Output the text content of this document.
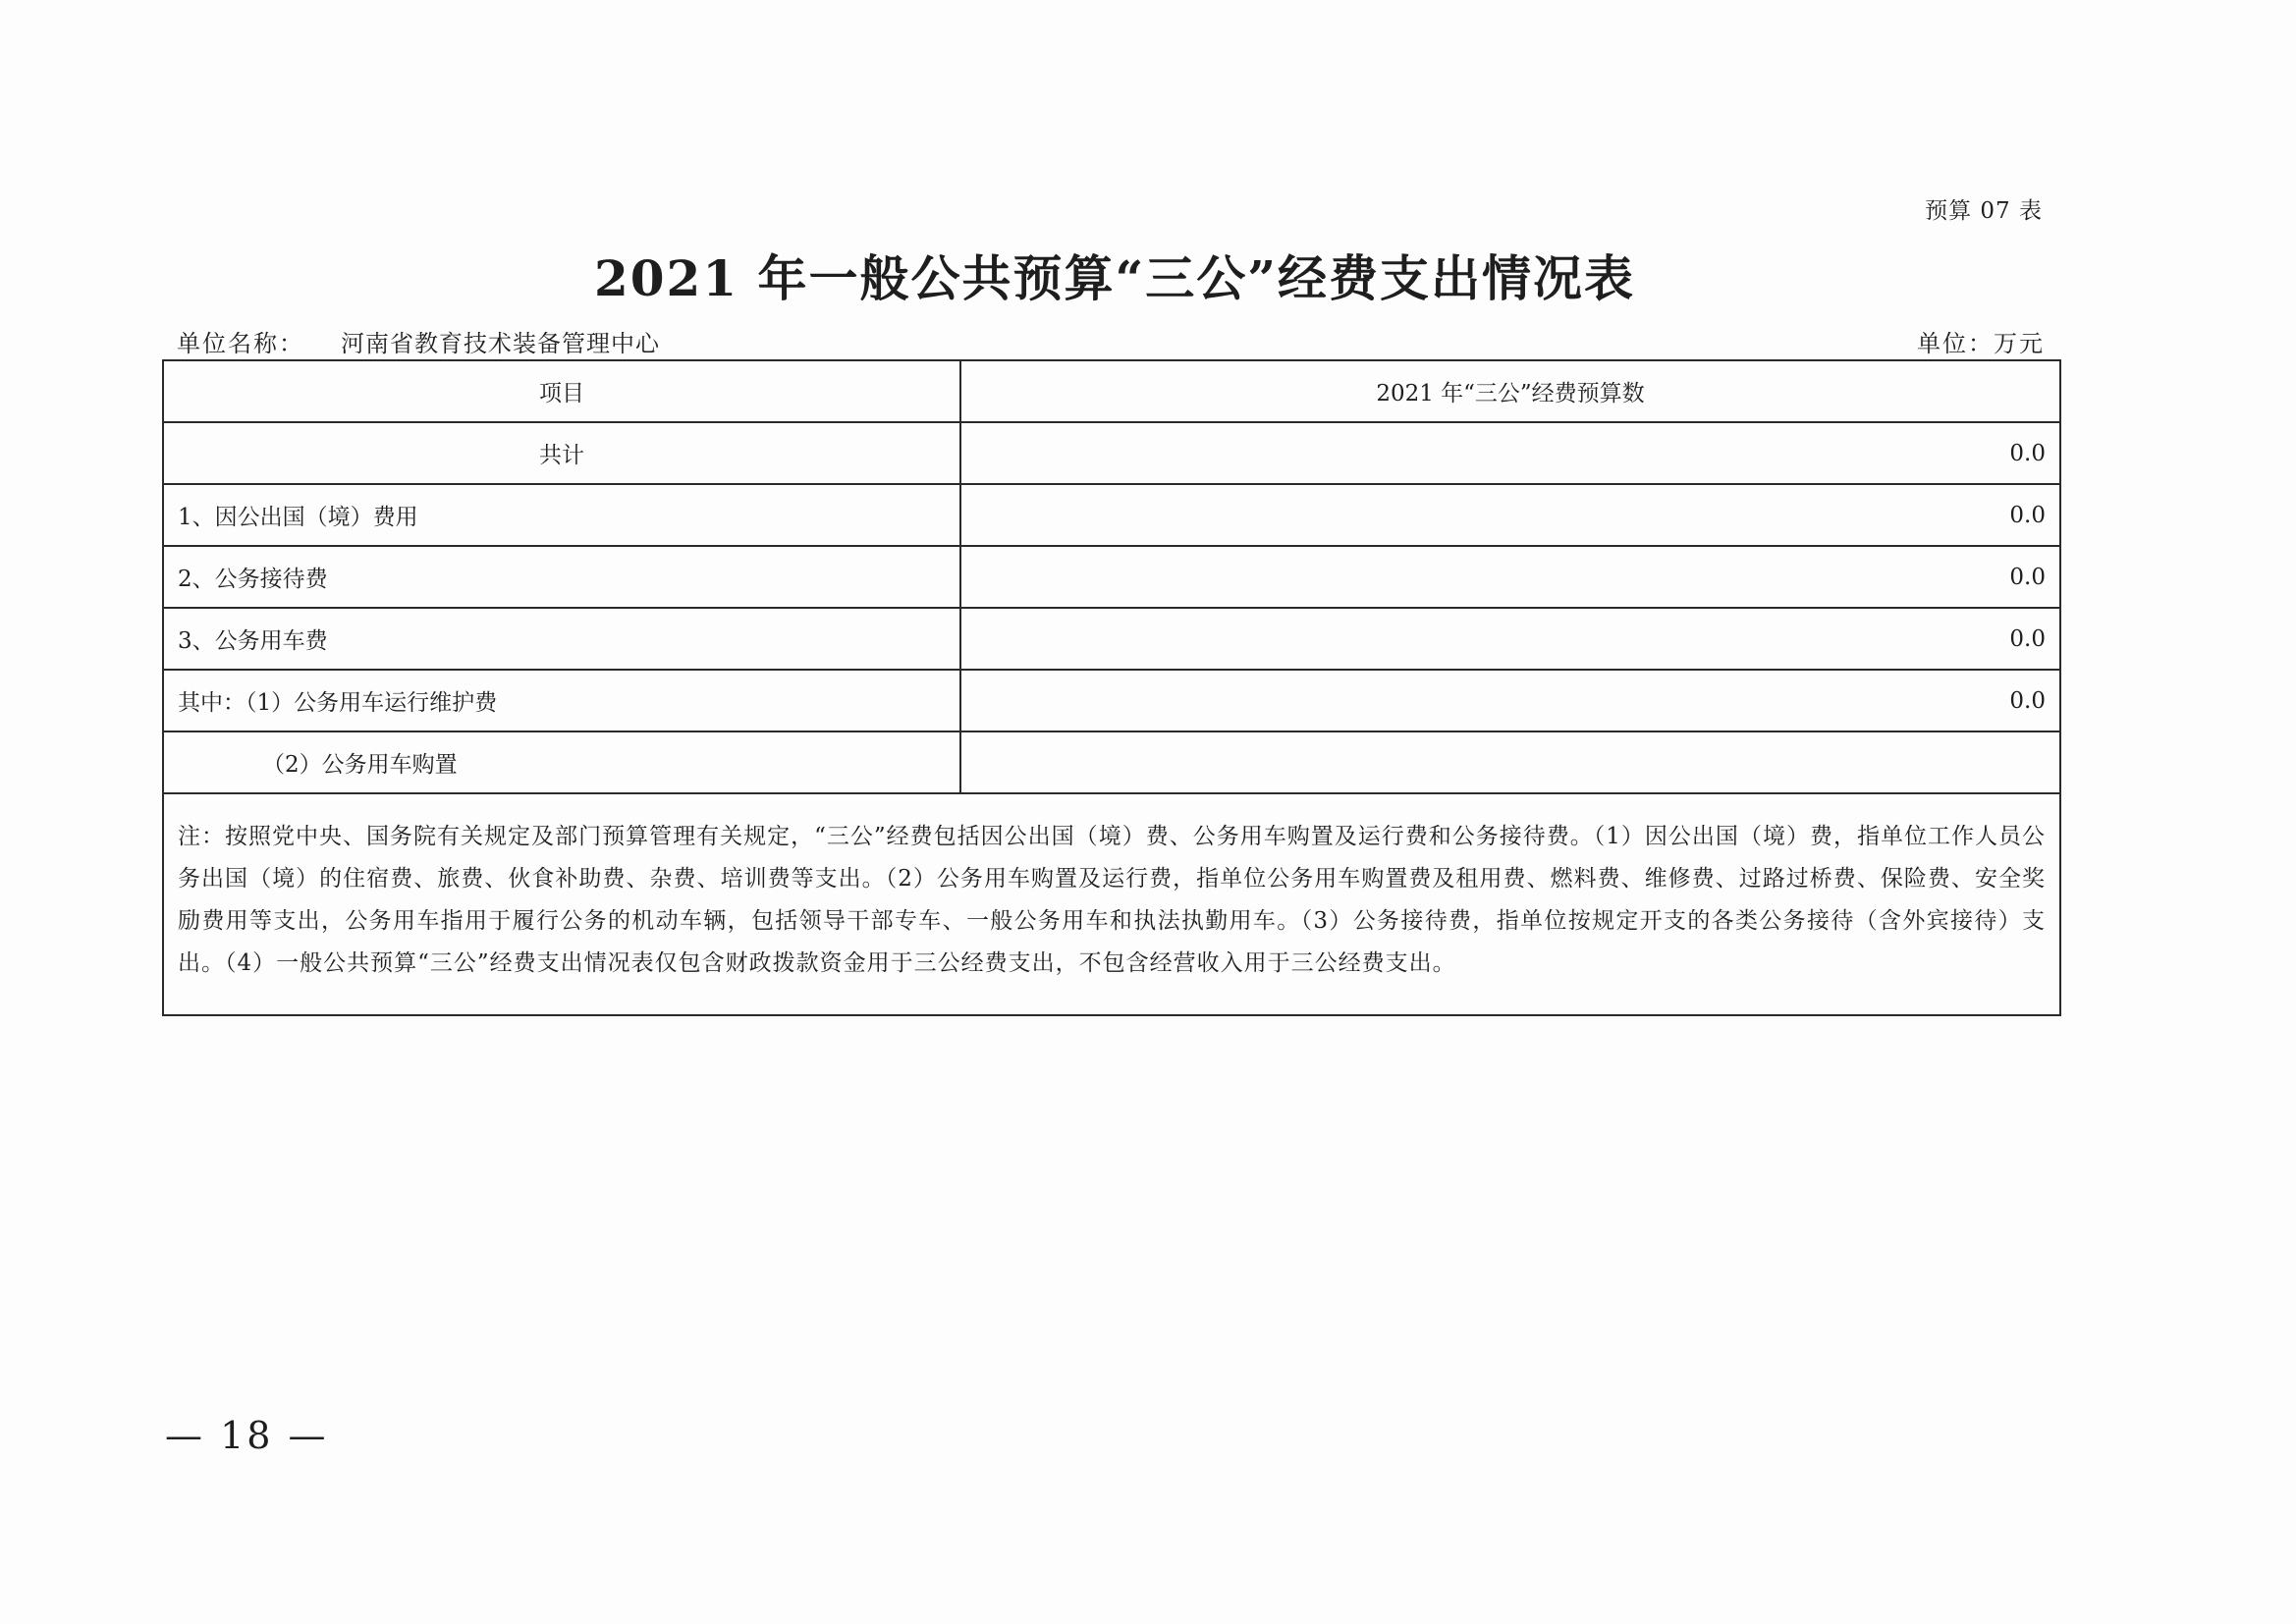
预算 07 表
2021 年一般公共预算“三公”经费支出情况表
单位名称： 河南省教育技术装备管理中心	单位：万元
项目	2021 年“三公”经费预算数
共计	0.0
1、因公出国（境）费用	0.0
2、公务接待费	0.0
3、公务用车费	0.0
其中：（1）公务用车运行维护费	0.0
（2）公务用车购置	
注：按照党中央、国务院有关规定及部门预算管理有关规定，“三公”经费包括因公出国（境）费、公务用车购置及运行费和公务接待费。（1）因公出国（境）费，指单位工作人员公务出国（境）的住宿费、旅费、伙食补助费、杂费、培训费等支出。（2）公务用车购置及运行费，指单位公务用车购置费及租用费、燃料费、维修费、过路过桥费、保险费、安全奖励费用等支出，公务用车指用于履行公务的机动车辆，包括领导干部专车、一般公务用车和执法执勤用车。（3）公务接待费，指单位按规定开支的各类公务接待（含外宾接待）支出。（4）一般公共预算“三公”经费支出情况表仅包含财政拨款资金用于三公经费支出，不包含经营收入用于三公经费支出。	
— 18 —
